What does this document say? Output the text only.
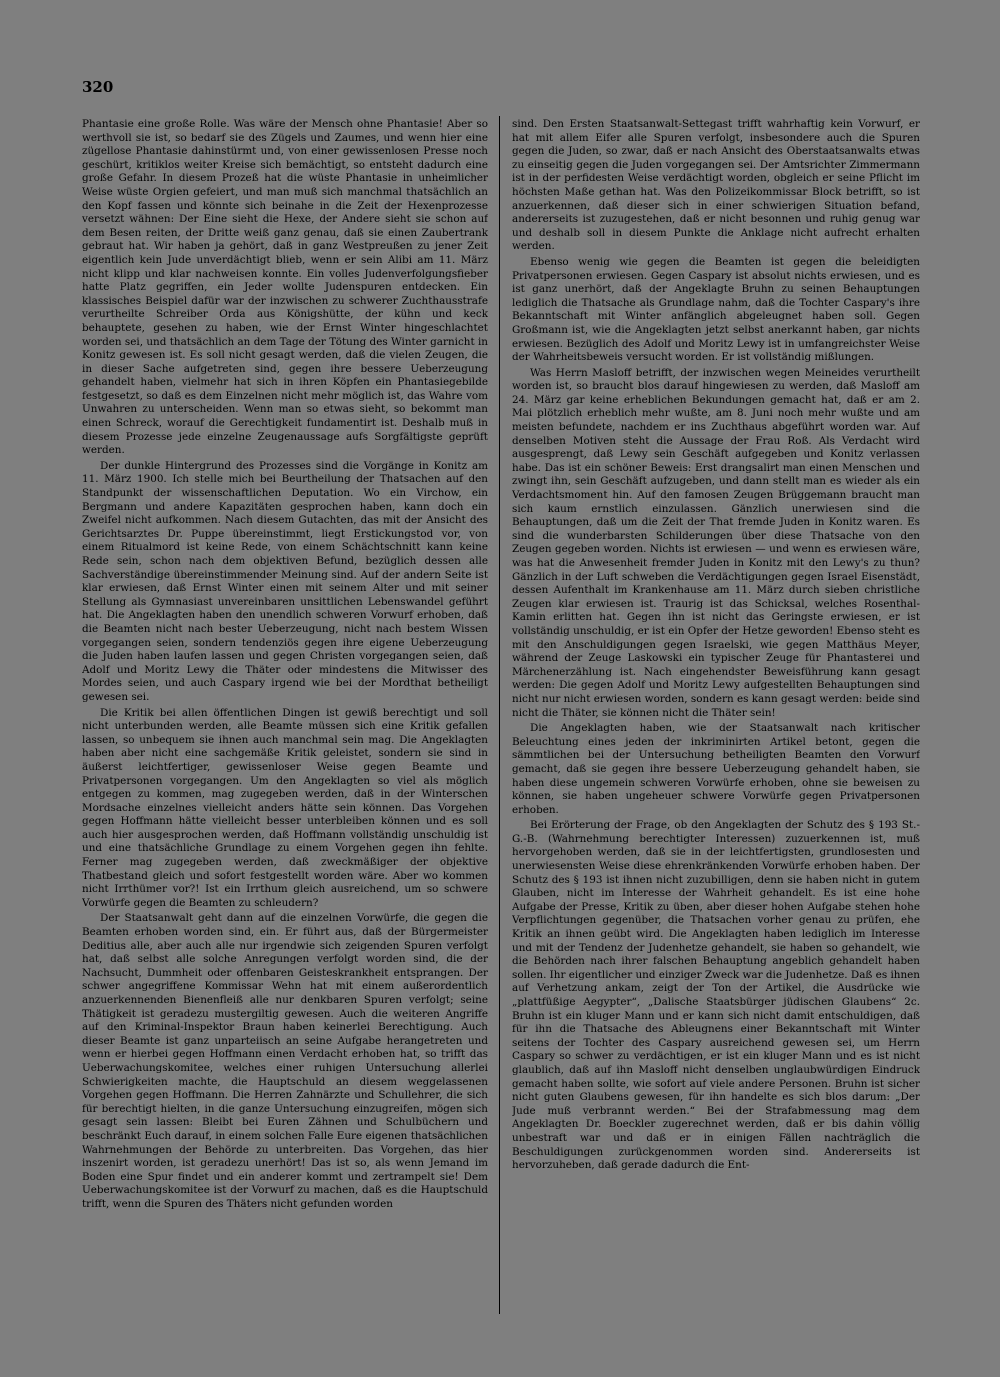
320

Phantasie eine große Rolle. Was wäre der Mensch ohne Phantasie! Aber so werthvoll sie ist, so bedarf sie des Zügels und Zaumes, und wenn hier eine zügellose Phantasie dahinstürmt und, von einer gewissenlosen Presse noch geschürt, kritiklos weiter Kreise sich bemächtigt, so entsteht dadurch eine große Gefahr. In diesem Prozeß hat die wüste Phantasie in unheimlicher Weise wüste Orgien gefeiert, und man muß sich manchmal thatsächlich an den Kopf fassen und könnte sich beinahe in die Zeit der Hexenprozesse versetzt wähnen: Der Eine sieht die Hexe, der Andere sieht sie schon auf dem Besen reiten, der Dritte weiß ganz genau, daß sie einen Zaubertrank gebraut hat. Wir haben ja gehört, daß in ganz Westpreußen zu jener Zeit eigentlich kein Jude unverdächtigt blieb, wenn er sein Alibi am 11. März nicht klipp und klar nachweisen konnte. Ein volles Judenverfolgungsfieber hatte Platz gegriffen, ein Jeder wollte Judenspuren entdecken. Ein klassisches Beispiel dafür war der inzwischen zu schwerer Zuchthausstrafe verurtheilte Schreiber Orda aus Königshütte, der kühn und keck behauptete, gesehen zu haben, wie der Ernst Winter hingeschlachtet worden sei, und thatsächlich an dem Tage der Tötung des Winter garnicht in Konitz gewesen ist. Es soll nicht gesagt werden, daß die vielen Zeugen, die in dieser Sache aufgetreten sind, gegen ihre bessere Ueberzeugung gehandelt haben, vielmehr hat sich in ihren Köpfen ein Phantasiegebilde festgesetzt, so daß es dem Einzelnen nicht mehr möglich ist, das Wahre vom Unwahren zu unterscheiden. Wenn man so etwas sieht, so bekommt man einen Schreck, worauf die Gerechtigkeit fundamentirt ist. Deshalb muß in diesem Prozesse jede einzelne Zeugenaussage aufs Sorgfältigste geprüft werden.

Der dunkle Hintergrund des Prozesses sind die Vorgänge in Konitz am 11. März 1900. Ich stelle mich bei Beurtheilung der Thatsachen auf den Standpunkt der wissenschaftlichen Deputation. Wo ein Virchow, ein Bergmann und andere Kapazitäten gesprochen haben, kann doch ein Zweifel nicht aufkommen. Nach diesem Gutachten, das mit der Ansicht des Gerichtsarztes Dr. Puppe übereinstimmt, liegt Erstickungstod vor, von einem Ritualmord ist keine Rede, von einem Schächtschnitt kann keine Rede sein, schon nach dem objektiven Befund, bezüglich dessen alle Sachverständige übereinstimmender Meinung sind. Auf der andern Seite ist klar erwiesen, daß Ernst Winter einen mit seinem Alter und mit seiner Stellung als Gymnasiast unvereinbaren unsittlichen Lebenswandel geführt hat. Die Angeklagten haben den unendlich schweren Vorwurf erhoben, daß die Beamten nicht nach bester Ueberzeugung, nicht nach bestem Wissen vorgegangen seien, sondern tendenziös gegen ihre eigene Ueberzeugung die Juden haben laufen lassen und gegen Christen vorgegangen seien, daß Adolf und Moritz Lewy die Thäter oder mindestens die Mitwisser des Mordes seien, und auch Caspary irgend wie bei der Mordthat betheiligt gewesen sei.

Die Kritik bei allen öffentlichen Dingen ist gewiß berechtigt und soll nicht unterbunden werden, alle Beamte müssen sich eine Kritik gefallen lassen, so unbequem sie ihnen auch manchmal sein mag. Die Angeklagten haben aber nicht eine sachgemäße Kritik geleistet, sondern sie sind in äußerst leichtfertiger, gewissenloser Weise gegen Beamte und Privatpersonen vorgegangen. Um den Angeklagten so viel als möglich entgegen zu kommen, mag zugegeben werden, daß in der Winterschen Mordsache einzelnes vielleicht anders hätte sein können. Das Vorgehen gegen Hoffmann hätte vielleicht besser unterbleiben können und es soll auch hier ausgesprochen werden, daß Hoffmann vollständig unschuldig ist und eine thatsächliche Grundlage zu einem Vorgehen gegen ihn fehlte. Ferner mag zugegeben werden, daß zweckmäßiger der objektive Thatbestand gleich und sofort festgestellt worden wäre. Aber wo kommen nicht Irrthümer vor?! Ist ein Irrthum gleich ausreichend, um so schwere Vorwürfe gegen die Beamten zu schleudern?

Der Staatsanwalt geht dann auf die einzelnen Vorwürfe, die gegen die Beamten erhoben worden sind, ein. Er führt aus, daß der Bürgermeister Deditius alle, aber auch alle nur irgendwie sich zeigenden Spuren verfolgt hat, daß selbst alle solche Anregungen verfolgt worden sind, die der Nachsucht, Dummheit oder offenbaren Geisteskrankheit entsprangen. Der schwer angegriffene Kommissar Wehn hat mit einem außerordentlich anzuerkennenden Bienenfleiß alle nur denkbaren Spuren verfolgt; seine Thätigkeit ist geradezu mustergiltig gewesen. Auch die weiteren Angriffe auf den Kriminal-Inspektor Braun haben keinerlei Berechtigung. Auch dieser Beamte ist ganz unparteiisch an seine Aufgabe herangetreten und wenn er hierbei gegen Hoffmann einen Verdacht erhoben hat, so trifft das Ueberwachungskomitee, welches einer ruhigen Untersuchung allerlei Schwierigkeiten machte, die Hauptschuld an diesem weggelassenen Vorgehen gegen Hoffmann. Die Herren Zahnärzte und Schullehrer, die sich für berechtigt hielten, in die ganze Untersuchung einzugreifen, mögen sich gesagt sein lassen: Bleibt bei Euren Zähnen und Schulbüchern und beschränkt Euch darauf, in einem solchen Falle Eure eigenen thatsächlichen Wahrnehmungen der Behörde zu unterbreiten. Das Vorgehen, das hier inszenirt worden, ist geradezu unerhört! Das ist so, als wenn Jemand im Boden eine Spur findet und ein anderer kommt und zertrampelt sie! Dem Ueberwachungskomitee ist der Vorwurf zu machen, daß es die Hauptschuld trifft, wenn die Spuren des Thäters nicht gefunden worden

sind. Den Ersten Staatsanwalt-Settegast trifft wahrhaftig kein Vorwurf, er hat mit allem Eifer alle Spuren verfolgt, insbesondere auch die Spuren gegen die Juden, so zwar, daß er nach Ansicht des Oberstaatsanwalts etwas zu einseitig gegen die Juden vorgegangen sei. Der Amtsrichter Zimmermann ist in der perfidesten Weise verdächtigt worden, obgleich er seine Pflicht im höchsten Maße gethan hat. Was den Polizeikommissar Block betrifft, so ist anzuerkennen, daß dieser sich in einer schwierigen Situation befand, andererseits ist zuzugestehen, daß er nicht besonnen und ruhig genug war und deshalb soll in diesem Punkte die Anklage nicht aufrecht erhalten werden.

Ebenso wenig wie gegen die Beamten ist gegen die beleidigten Privatpersonen erwiesen. Gegen Caspary ist absolut nichts erwiesen, und es ist ganz unerhört, daß der Angeklagte Bruhn zu seinen Behauptungen lediglich die Thatsache als Grundlage nahm, daß die Tochter Caspary's ihre Bekanntschaft mit Winter anfänglich abgeleugnet haben soll. Gegen Großmann ist, wie die Angeklagten jetzt selbst anerkannt haben, gar nichts erwiesen. Bezüglich des Adolf und Moritz Lewy ist in umfangreichster Weise der Wahrheitsbeweis versucht worden. Er ist vollständig mißlungen.

Was Herrn Masloff betrifft, der inzwischen wegen Meineides verurtheilt worden ist, so braucht blos darauf hingewiesen zu werden, daß Masloff am 24. März gar keine erheblichen Bekundungen gemacht hat, daß er am 2. Mai plötzlich erheblich mehr wußte, am 8. Juni noch mehr wußte und am meisten befundete, nachdem er ins Zuchthaus abgeführt worden war. Auf denselben Motiven steht die Aussage der Frau Roß. Als Verdacht wird ausgesprengt, daß Lewy sein Geschäft aufgegeben und Konitz verlassen habe. Das ist ein schöner Beweis: Erst drangsalirt man einen Menschen und zwingt ihn, sein Geschäft aufzugeben, und dann stellt man es wieder als ein Verdachtsmoment hin. Auf den famosen Zeugen Brüggemann braucht man sich kaum ernstlich einzulassen. Gänzlich unerwiesen sind die Behauptungen, daß um die Zeit der That fremde Juden in Konitz waren. Es sind die wunderbarsten Schilderungen über diese Thatsache von den Zeugen gegeben worden. Nichts ist erwiesen — und wenn es erwiesen wäre, was hat die Anwesenheit fremder Juden in Konitz mit den Lewy's zu thun? Gänzlich in der Luft schweben die Verdächtigungen gegen Israel Eisenstädt, dessen Aufenthalt im Krankenhause am 11. März durch sieben christliche Zeugen klar erwiesen ist. Traurig ist das Schicksal, welches Rosenthal-Kamin erlitten hat. Gegen ihn ist nicht das Geringste erwiesen, er ist vollständig unschuldig, er ist ein Opfer der Hetze geworden! Ebenso steht es mit den Anschuldigungen gegen Israelski, wie gegen Matthäus Meyer, während der Zeuge Laskowski ein typischer Zeuge für Phantasterei und Märchenerzählung ist. Nach eingehendster Beweisführung kann gesagt werden: Die gegen Adolf und Moritz Lewy aufgestellten Behauptungen sind nicht nur nicht erwiesen worden, sondern es kann gesagt werden: beide sind nicht die Thäter, sie können nicht die Thäter sein!

Die Angeklagten haben, wie der Staatsanwalt nach kritischer Beleuchtung eines jeden der inkriminirten Artikel betont, gegen die sämmtlichen bei der Untersuchung betheiligten Beamten den Vorwurf gemacht, daß sie gegen ihre bessere Ueberzeugung gehandelt haben, sie haben diese ungemein schweren Vorwürfe erhoben, ohne sie beweisen zu können, sie haben ungeheuer schwere Vorwürfe gegen Privatpersonen erhoben.

Bei Erörterung der Frage, ob den Angeklagten der Schutz des § 193 St.-G.-B. (Wahrnehmung berechtigter Interessen) zuzuerkennen ist, muß hervorgehoben werden, daß sie in der leichtfertigsten, grundlosesten und unerwiesensten Weise diese ehrenkränkenden Vorwürfe erhoben haben. Der Schutz des § 193 ist ihnen nicht zuzubilligen, denn sie haben nicht in gutem Glauben, nicht im Interesse der Wahrheit gehandelt. Es ist eine hohe Aufgabe der Presse, Kritik zu üben, aber dieser hohen Aufgabe stehen hohe Verpflichtungen gegenüber, die Thatsachen vorher genau zu prüfen, ehe Kritik an ihnen geübt wird. Die Angeklagten haben lediglich im Interesse und mit der Tendenz der Judenhetze gehandelt, sie haben so gehandelt, wie die Behörden nach ihrer falschen Behauptung angeblich gehandelt haben sollen. Ihr eigentlicher und einziger Zweck war die Judenhetze. Daß es ihnen auf Verhetzung ankam, zeigt der Ton der Artikel, die Ausdrücke wie „plattfüßige Aegypter“, „Dalische Staatsbürger jüdischen Glaubens“ 2c. Bruhn ist ein kluger Mann und er kann sich nicht damit entschuldigen, daß für ihn die Thatsache des Ableugnens einer Bekanntschaft mit Winter seitens der Tochter des Caspary ausreichend gewesen sei, um Herrn Caspary so schwer zu verdächtigen, er ist ein kluger Mann und es ist nicht glaublich, daß auf ihn Masloff nicht denselben unglaubwürdigen Eindruck gemacht haben sollte, wie sofort auf viele andere Personen. Bruhn ist sicher nicht guten Glaubens gewesen, für ihn handelte es sich blos darum: „Der Jude muß verbrannt werden.“ Bei der Strafabmessung mag dem Angeklagten Dr. Boeckler zugerechnet werden, daß er bis dahin völlig unbestraft war und daß er in einigen Fällen nachträglich die Beschuldigungen zurückgenommen worden sind. Andererseits ist hervorzuheben, daß gerade dadurch die Ent-
